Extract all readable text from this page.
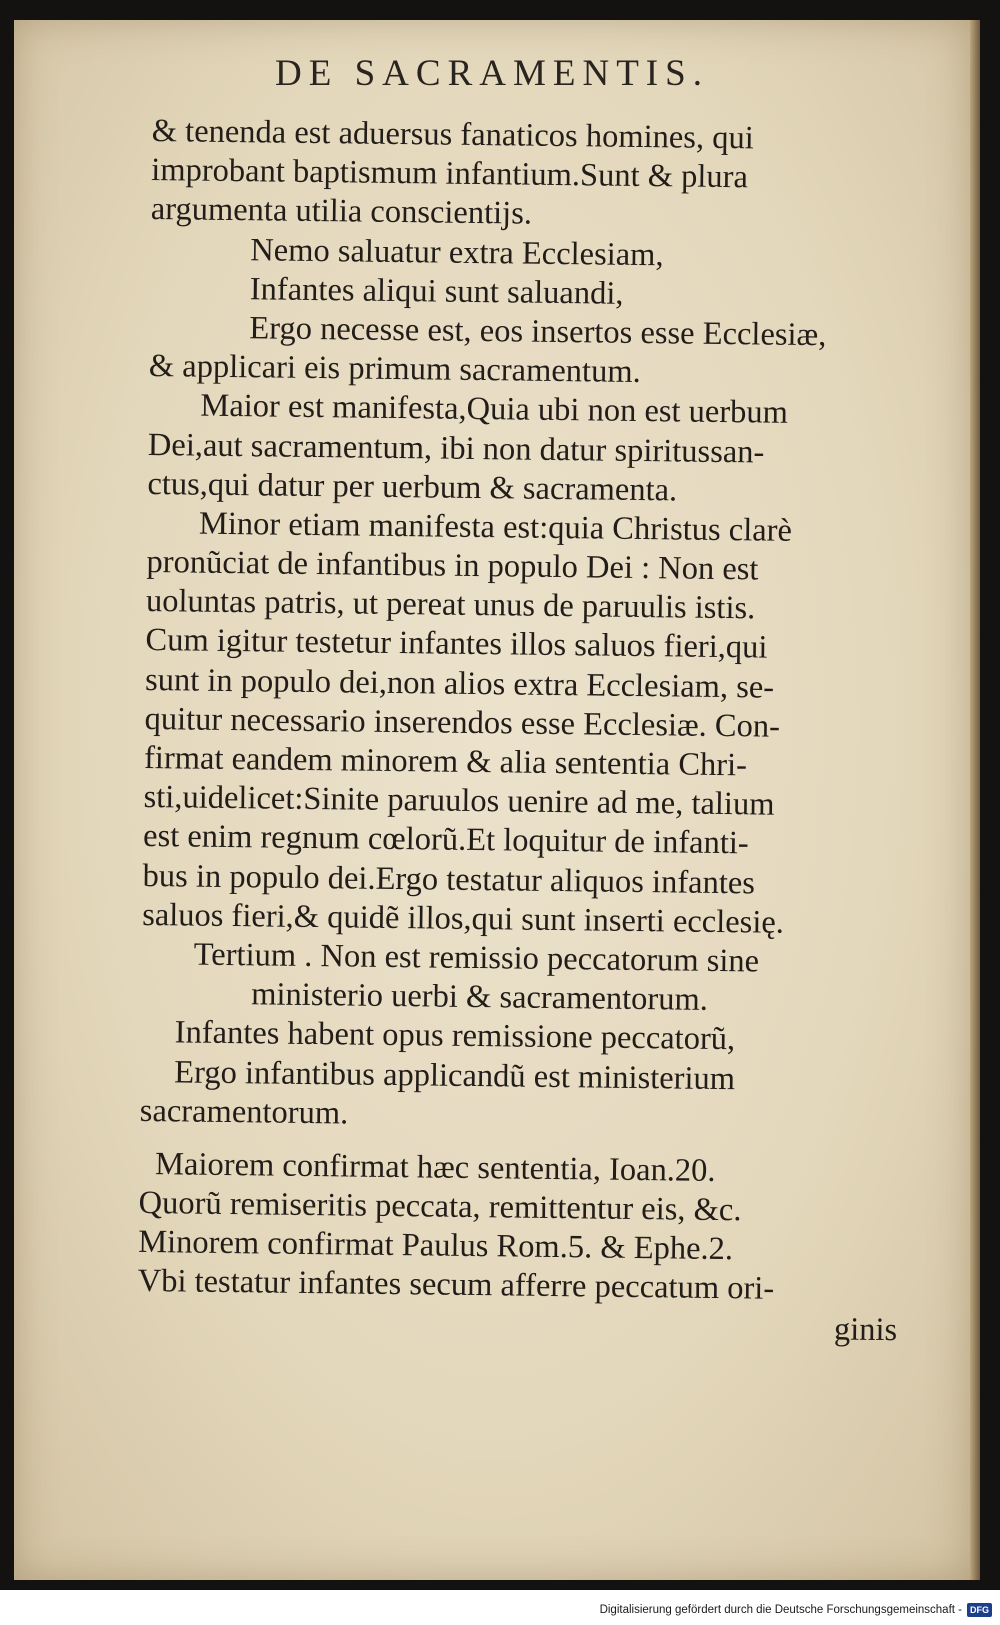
DE SACRAMENTIS.
& tenenda est aduersus fanaticos homines, qui
improbant baptismum infantium.Sunt & plura
argumenta utilia conscientijs.
Nemo saluatur extra Ecclesiam,
Infantes aliqui sunt saluandi,
Ergo necesse est, eos insertos esse Ecclesiæ,
& applicari eis primum sacramentum.
Maior est manifesta,Quia ubi non est uerbum
Dei,aut sacramentum, ibi non datur spiritussan-
ctus,qui datur per uerbum & sacramenta.
Minor etiam manifesta est:quia Christus clarè
pronũciat de infantibus in populo Dei : Non est
uoluntas patris, ut pereat unus de paruulis istis.
Cum igitur testetur infantes illos saluos fieri,qui
sunt in populo dei,non alios extra Ecclesiam, se-
quitur necessario inserendos esse Ecclesiæ. Con-
firmat eandem minorem & alia sententia Chri-
sti,uidelicet:Sinite paruulos uenire ad me, talium
est enim regnum cœlorũ.Et loquitur de infanti-
bus in populo dei.Ergo testatur aliquos infantes
saluos fieri,& quidẽ illos,qui sunt inserti ecclesię.
Tertium . Non est remissio peccatorum sine
ministerio uerbi & sacramentorum.
Infantes habent opus remissione peccatorũ,
Ergo infantibus applicandũ est ministerium
sacramentorum.
Maiorem confirmat hæc sententia, Ioan.20.
Quorũ remiseritis peccata, remittentur eis, &c.
Minorem confirmat Paulus Rom.5. & Ephe.2.
Vbi testatur infantes secum afferre peccatum ori-
ginis
Digitalisierung gefördert durch die Deutsche Forschungsgemeinschaft - DFG
